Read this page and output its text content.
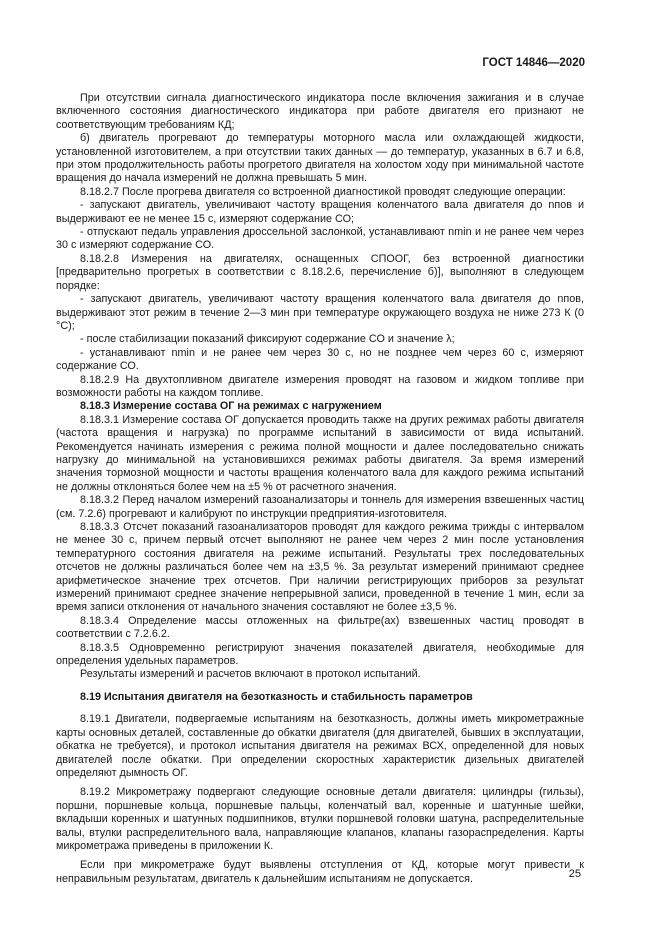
ГОСТ 14846—2020

При отсутствии сигнала диагностического индикатора после включения зажигания и в случае включенного состояния диагностического индикатора при работе двигателя его признают не соответствующим требованиям КД;

б) двигатель прогревают до температуры моторного масла или охлаждающей жидкости, установленной изготовителем, а при отсутствии таких данных — до температур, указанных в 6.7 и 6.8, при этом продолжительность работы прогретого двигателя на холостом ходу при минимальной частоте вращения до начала измерений не должна превышать 5 мин.

8.18.2.7 После прогрева двигателя со встроенной диагностикой проводят следующие операции:

- запускают двигатель, увеличивают частоту вращения коленчатого вала двигателя до nпов и выдерживают ее не менее 15 с, измеряют содержание СО;

- отпускают педаль управления дроссельной заслонкой, устанавливают nmin и не ранее чем через 30 с измеряют содержание СО.

8.18.2.8 Измерения на двигателях, оснащенных СПООГ, без встроенной диагностики [предварительно прогретых в соответствии с 8.18.2.6, перечисление б)], выполняют в следующем порядке:

- запускают двигатель, увеличивают частоту вращения коленчатого вала двигателя до nпов, выдерживают этот режим в течение 2—3 мин при температуре окружающего воздуха не ниже 273 К (0 °С);

- после стабилизации показаний фиксируют содержание СО и значение λ;

- устанавливают nmin и не ранее чем через 30 с, но не позднее чем через 60 с, измеряют содержание СО.

8.18.2.9 На двухтопливном двигателе измерения проводят на газовом и жидком топливе при возможности работы на каждом топливе.

8.18.3 Измерение состава ОГ на режимах с нагружением

8.18.3.1 Измерение состава ОГ допускается проводить также на других режимах работы двигателя (частота вращения и нагрузка) по программе испытаний в зависимости от вида испытаний. Рекомендуется начинать измерения с режима полной мощности и далее последовательно снижать нагрузку до минимальной на установившихся режимах работы двигателя. За время измерений значения тормозной мощности и частоты вращения коленчатого вала для каждого режима испытаний не должны отклоняться более чем на ±5 % от расчетного значения.

8.18.3.2 Перед началом измерений газоанализаторы и тоннель для измерения взвешенных частиц (см. 7.2.6) прогревают и калибруют по инструкции предприятия-изготовителя.

8.18.3.3 Отсчет показаний газоанализаторов проводят для каждого режима трижды с интервалом не менее 30 с, причем первый отсчет выполняют не ранее чем через 2 мин после установления температурного состояния двигателя на режиме испытаний. Результаты трех последовательных отсчетов не должны различаться более чем на ±3,5 %. За результат измерений принимают среднее арифметическое значение трех отсчетов. При наличии регистрирующих приборов за результат измерений принимают среднее значение непрерывной записи, проведенной в течение 1 мин, если за время записи отклонения от начального значения составляют не более ±3,5 %.

8.18.3.4 Определение массы отложенных на фильтре(ах) взвешенных частиц проводят в соответствии с 7.2.6.2.

8.18.3.5 Одновременно регистрируют значения показателей двигателя, необходимые для определения удельных параметров.

Результаты измерений и расчетов включают в протокол испытаний.

8.19 Испытания двигателя на безотказность и стабильность параметров

8.19.1 Двигатели, подвергаемые испытаниям на безотказность, должны иметь микрометражные карты основных деталей, составленные до обкатки двигателя (для двигателей, бывших в эксплуатации, обкатка не требуется), и протокол испытания двигателя на режимах ВСХ, определенной для новых двигателей после обкатки. При определении скоростных характеристик дизельных двигателей определяют дымность ОГ.

8.19.2 Микрометражу подвергают следующие основные детали двигателя: цилиндры (гильзы), поршни, поршневые кольца, поршневые пальцы, коленчатый вал, коренные и шатунные шейки, вкладыши коренных и шатунных подшипников, втулки поршневой головки шатуна, распределительные валы, втулки распределительного вала, направляющие клапанов, клапаны газораспределения. Карты микрометража приведены в приложении К.

Если при микрометраже будут выявлены отступления от КД, которые могут привести к неправильным результатам, двигатель к дальнейшим испытаниям не допускается.	25
